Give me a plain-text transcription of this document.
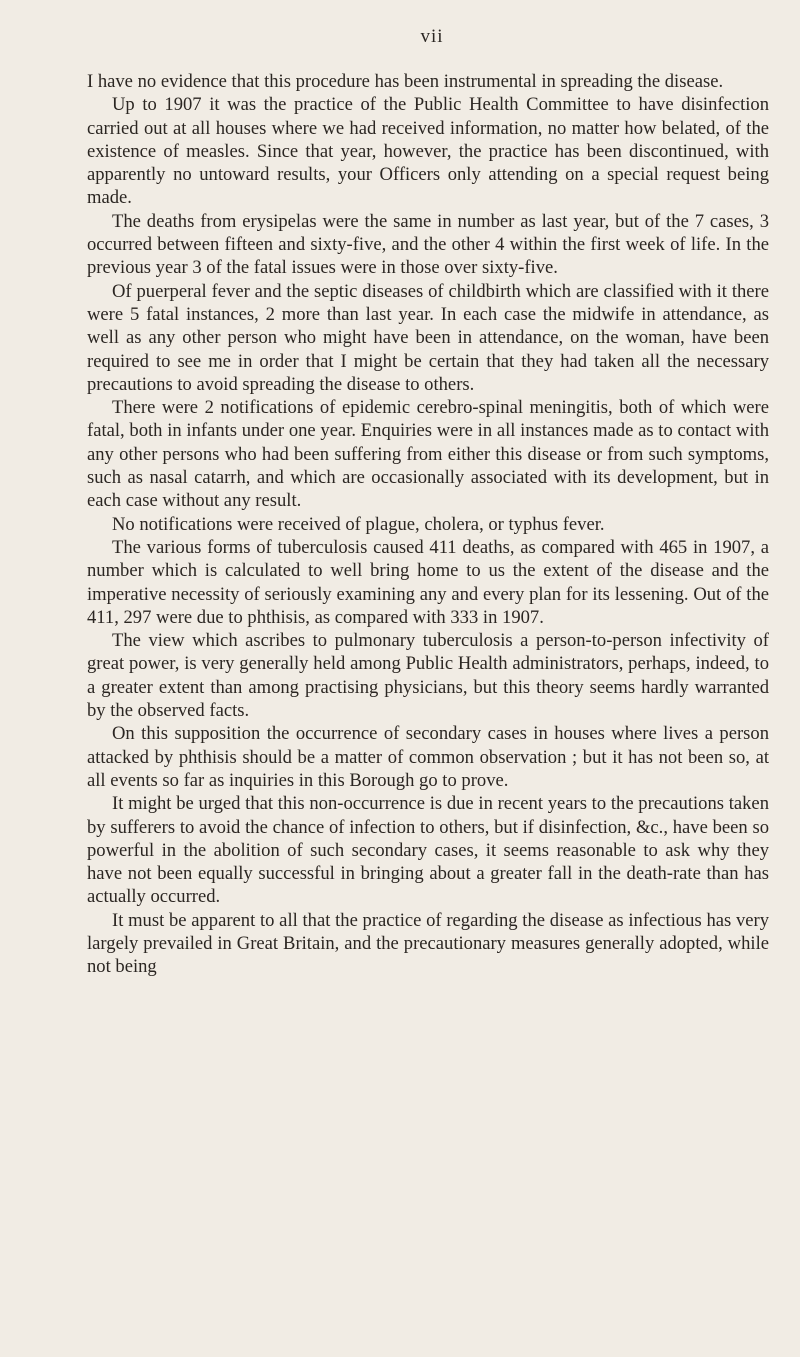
vii

I have no evidence that this procedure has been instrumental in spreading the disease.

Up to 1907 it was the practice of the Public Health Committee to have disinfection carried out at all houses where we had received information, no matter how belated, of the existence of measles. Since that year, however, the practice has been discontinued, with apparently no untoward results, your Officers only attending on a special request being made.

The deaths from erysipelas were the same in number as last year, but of the 7 cases, 3 occurred between fifteen and sixty-five, and the other 4 within the first week of life. In the previous year 3 of the fatal issues were in those over sixty-five.

Of puerperal fever and the septic diseases of childbirth which are classified with it there were 5 fatal instances, 2 more than last year. In each case the midwife in attendance, as well as any other person who might have been in attendance, on the woman, have been required to see me in order that I might be certain that they had taken all the necessary precautions to avoid spreading the disease to others.

There were 2 notifications of epidemic cerebro-spinal meningitis, both of which were fatal, both in infants under one year. Enquiries were in all instances made as to contact with any other persons who had been suffering from either this disease or from such symptoms, such as nasal catarrh, and which are occasionally associated with its development, but in each case without any result.

No notifications were received of plague, cholera, or typhus fever.

The various forms of tuberculosis caused 411 deaths, as compared with 465 in 1907, a number which is calculated to well bring home to us the extent of the disease and the imperative necessity of seriously examining any and every plan for its lessening. Out of the 411, 297 were due to phthisis, as compared with 333 in 1907.

The view which ascribes to pulmonary tuberculosis a person-to-person infectivity of great power, is very generally held among Public Health administrators, perhaps, indeed, to a greater extent than among practising physicians, but this theory seems hardly warranted by the observed facts.

On this supposition the occurrence of secondary cases in houses where lives a person attacked by phthisis should be a matter of common observation ; but it has not been so, at all events so far as inquiries in this Borough go to prove.

It might be urged that this non-occurrence is due in recent years to the precautions taken by sufferers to avoid the chance of infection to others, but if disinfection, &c., have been so powerful in the abolition of such secondary cases, it seems reasonable to ask why they have not been equally successful in bringing about a greater fall in the death-rate than has actually occurred.

It must be apparent to all that the practice of regarding the disease as infectious has very largely prevailed in Great Britain, and the precautionary measures generally adopted, while not being
